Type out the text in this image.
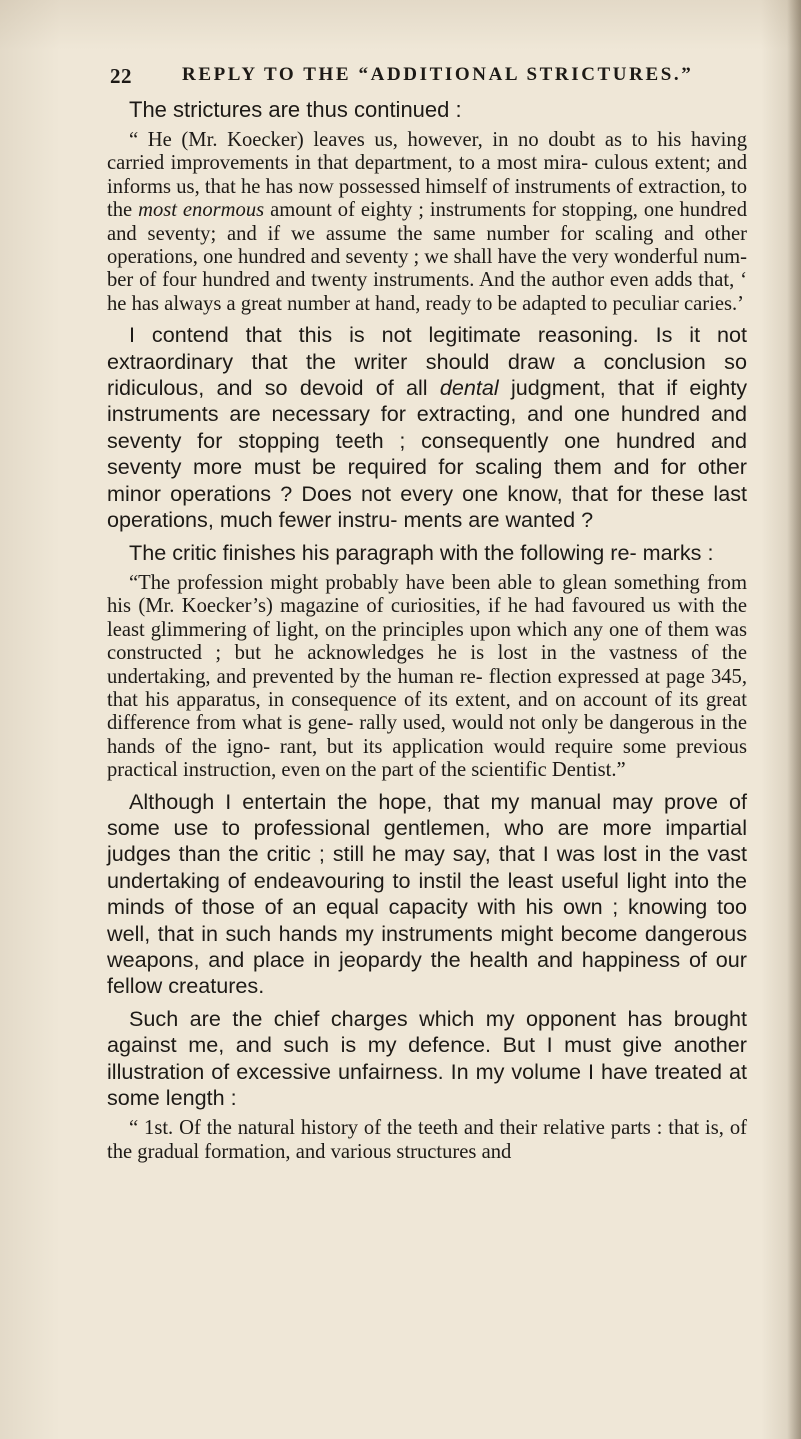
22	REPLY TO THE “ADDITIONAL STRICTURES.”

The strictures are thus continued :

“ He (Mr. Koecker) leaves us, however, in no doubt as to his having carried improvements in that department, to a most mira- culous extent; and informs us, that he has now possessed himself of instruments of extraction, to the most enormous amount of eighty ; instruments for stopping, one hundred and seventy; and if we assume the same number for scaling and other operations, one hundred and seventy ; we shall have the very wonderful num- ber of four hundred and twenty instruments. And the author even adds that, ‘ he has always a great number at hand, ready to be adapted to peculiar caries.’

I contend that this is not legitimate reasoning. Is it not extraordinary that the writer should draw a conclusion so ridiculous, and so devoid of all dental judgment, that if eighty instruments are necessary for extracting, and one hundred and seventy for stopping teeth ; consequently one hundred and seventy more must be required for scaling them and for other minor operations ? Does not every one know, that for these last operations, much fewer instru- ments are wanted ?

The critic finishes his paragraph with the following re- marks :

“The profession might probably have been able to glean something from his (Mr. Koecker’s) magazine of curiosities, if he had favoured us with the least glimmering of light, on the principles upon which any one of them was constructed ; but he acknowledges he is lost in the vastness of the undertaking, and prevented by the human re- flection expressed at page 345, that his apparatus, in consequence of its extent, and on account of its great difference from what is gene- rally used, would not only be dangerous in the hands of the igno- rant, but its application would require some previous practical instruction, even on the part of the scientific Dentist.”

Although I entertain the hope, that my manual may prove of some use to professional gentlemen, who are more impartial judges than the critic ; still he may say, that I was lost in the vast undertaking of endeavouring to instil the least useful light into the minds of those of an equal capacity with his own ; knowing too well, that in such hands my instruments might become dangerous weapons, and place in jeopardy the health and happiness of our fellow creatures.

Such are the chief charges which my opponent has brought against me, and such is my defence. But I must give another illustration of excessive unfairness. In my volume I have treated at some length :

“ 1st. Of the natural history of the teeth and their relative parts : that is, of the gradual formation, and various structures and
